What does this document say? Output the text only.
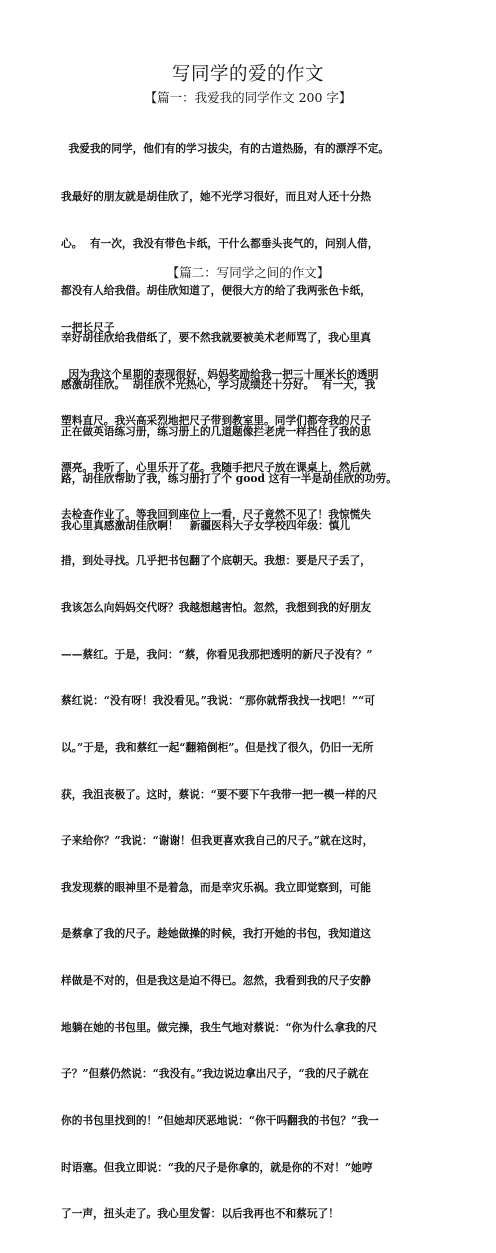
写同学的爱的作文
【篇一：我爱我的同学作文 200 字】

我爱我的同学，他们有的学习拔尖，有的古道热肠，有的漂浮不定。

我最好的朋友就是胡佳欣了，她不光学习很好，而且对人还十分热

心。  有一次，我没有带色卡纸，干什么都垂头丧气的，问别人借，

都没有人给我借。胡佳欣知道了，便很大方的给了我两张色卡纸，

幸好胡佳欣给我借纸了，要不然我就要被美术老师骂了，我心里真

感激胡佳欣。  胡佳欣不光热心，学习成绩还十分好。  有一天，我

正在做英语练习册，练习册上的几道题像拦老虎一样挡住了我的思

路，胡佳欣帮助了我，练习册打了个 good 这有一半是胡佳欣的功劳。

我心里真感激胡佳欣啊！   新疆医科大子女学校四年级：慎儿

【篇二：写同学之间的作文】

一把长尺子

因为我这个星期的表现很好，妈妈奖励给我一把三十厘米长的透明

塑料直尺。我兴高采烈地把尺子带到教室里。同学们都夸我的尺子

漂亮。我听了，心里乐开了花。我随手把尺子放在课桌上，然后就

去检查作业了。等我回到座位上一看，尺子竟然不见了！我惊慌失

措，到处寻找。几乎把书包翻了个底朝天。我想：要是尺子丢了，

我该怎么向妈妈交代呀？我越想越害怕。忽然，我想到我的好朋友

——蔡红。于是，我问：“蔡，你看见我那把透明的新尺子没有？”

蔡红说：“没有呀！我没看见。”我说：“那你就帮我找一找吧！”“可

以。”于是，我和蔡红一起“翻箱倒柜”。但是找了很久，仍旧一无所

获，我沮丧极了。这时，蔡说：“要不要下午我带一把一模一样的尺

子来给你？”我说：“谢谢！但我更喜欢我自己的尺子。”就在这时，

我发现蔡的眼神里不是着急，而是幸灾乐祸。我立即觉察到，可能

是蔡拿了我的尺子。趁她做操的时候，我打开她的书包，我知道这

样做是不对的，但是我这是迫不得已。忽然，我看到我的尺子安静

地躺在她的书包里。做完操，我生气地对蔡说：“你为什么拿我的尺

子？”但蔡仍然说：“我没有。”我边说边拿出尺子，“我的尺子就在

你的书包里找到的！”但她却厌恶地说：“你干吗翻我的书包？”我一

时语塞。但我立即说：“我的尺子是你拿的，就是你的不对！”她哼

了一声，扭头走了。我心里发誓：以后我再也不和蔡玩了！
